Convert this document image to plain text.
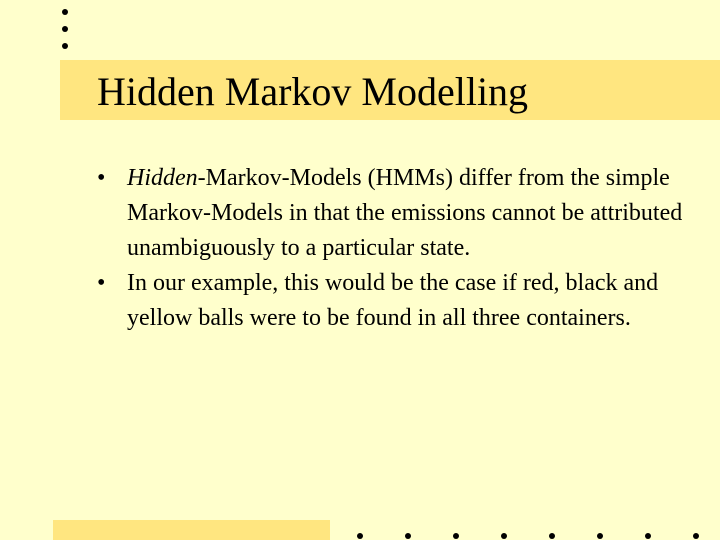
Hidden Markov Modelling
• Hidden-Markov-Models (HMMs) differ from the simple Markov-Models in that the emissions cannot be attributed unambiguously to a particular state.
• In our example, this would be the case if red, black and yellow balls were to be found in all three containers.
